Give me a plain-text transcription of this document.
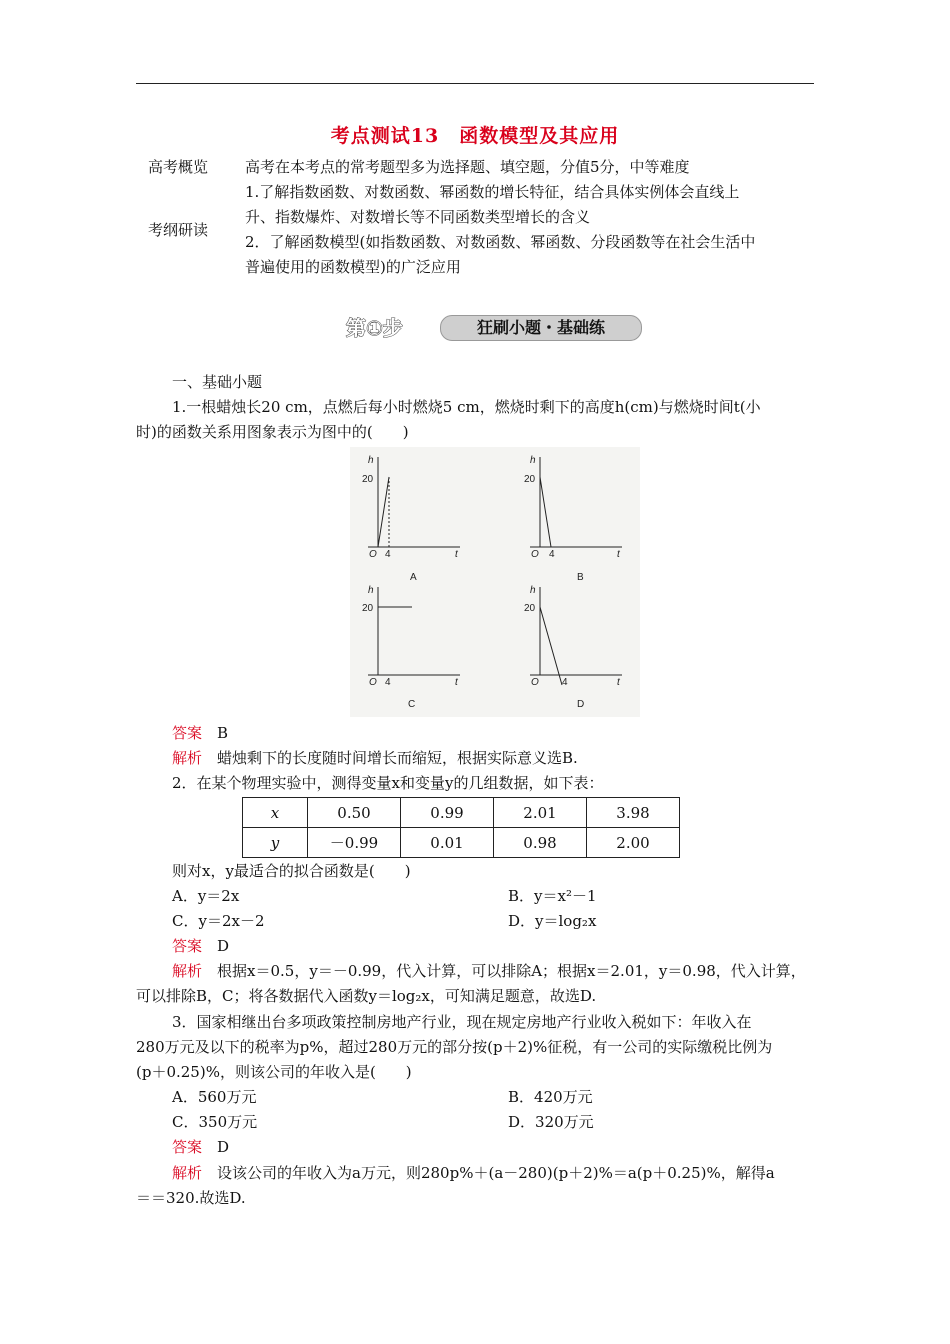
考点测试13　函数模型及其应用
高考概览 高考在本考点的常考题型多为选择题、填空题，分值5分，中等难度
考纲研读
1.了解指数函数、对数函数、幂函数的增长特征，结合具体实例体会直线上
升、指数爆炸、对数增长等不同函数类型增长的含义
2．了解函数模型(如指数函数、对数函数、幂函数、分段函数等在社会生活中
普遍使用的函数模型)的广泛应用
第①步	狂刷小题・基础练
一、基础小题
1.一根蜡烛长20 cm，点燃后每小时燃烧5 cm，燃烧时剩下的高度h(cm)与燃烧时间t(小
时)的函数关系用图象表示为图中的(　　)
h
20
O 4	t
A
h
20
O 4	t
B
h
20
O 4	t
C
h
20
O 4	t
D
答案　 B
解析　 蜡烛剩下的长度随时间增长而缩短，根据实际意义选B.
2．在某个物理实验中，测得变量x和变量y的几组数据，如下表：
x	0.50	0.99	2.01	3.98
y	－0.99	0.01	0.98	2.00
则对x，y最适合的拟合函数是(　　)
A．y＝2x	B．y＝x²－1
C．y＝2x－2	D．y＝log₂x
答案　 D
解析　 根据x＝0.5，y＝－0.99，代入计算，可以排除A；根据x＝2.01，y＝0.98，代入计算，
可以排除B，C；将各数据代入函数y＝log₂x，可知满足题意，故选D.
3．国家相继出台多项政策控制房地产行业，现在规定房地产行业收入税如下：年收入在
280万元及以下的税率为p%，超过280万元的部分按(p＋2)%征税，有一公司的实际缴税比例为
(p＋0.25)%，则该公司的年收入是(　　)
A．560万元	B．420万元
C．350万元	D．320万元
答案　 D
解析　 设该公司的年收入为a万元，则280p%＋(a－280)(p＋2)%＝a(p＋0.25)%，解得a
＝＝320.故选D.
